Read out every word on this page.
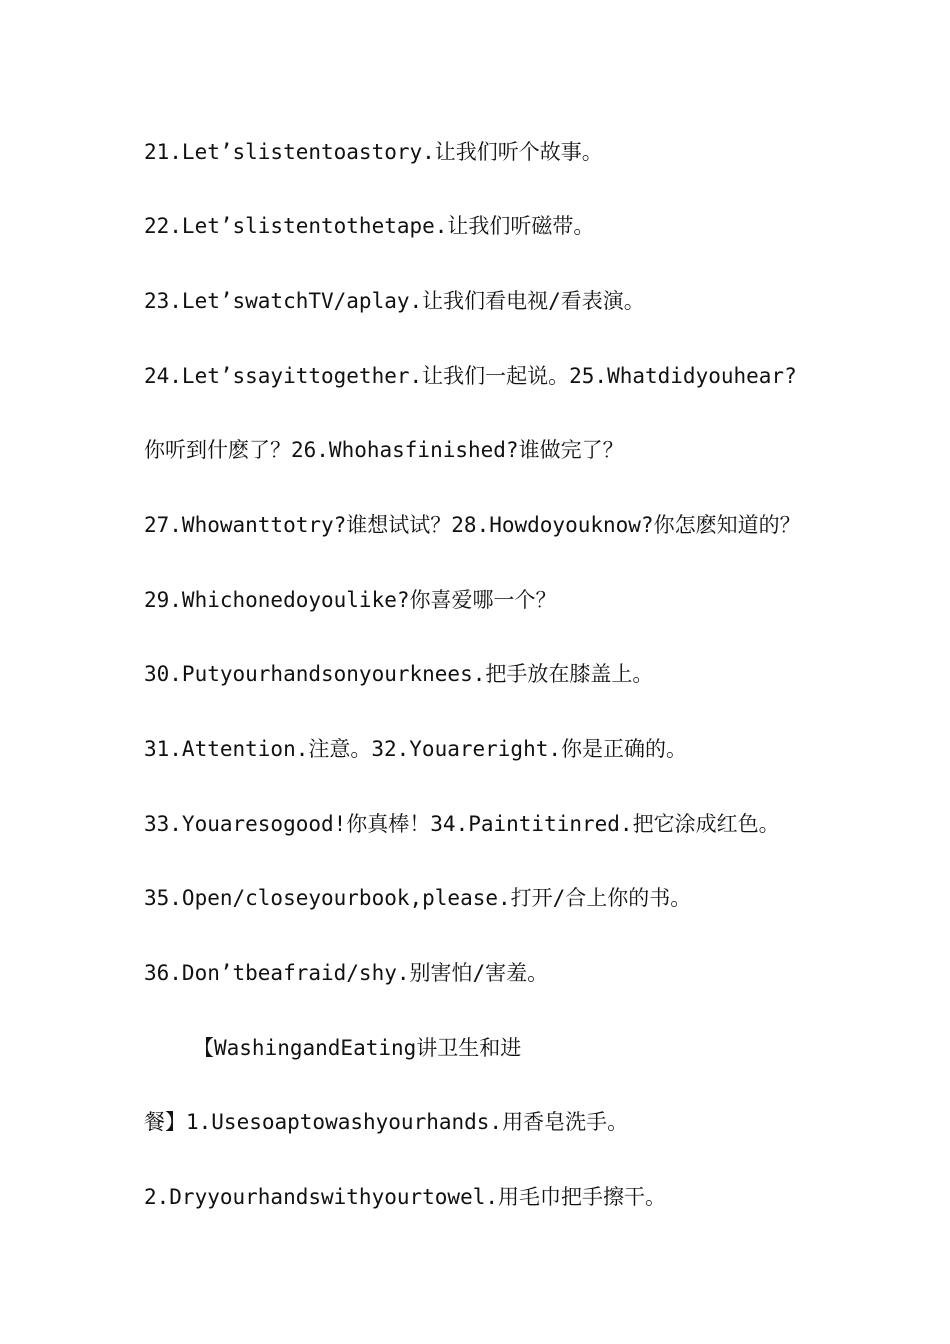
21.Let’slistentoastory.让我们听个故事。
22.Let’slistentothetape.让我们听磁带。
23.Let’swatchTV/aplay.让我们看电视/看表演。
24.Let’ssayittogether.让我们一起说。25.Whatdidyouhear?
你听到什麽了？26.Whohasfinished?谁做完了？
27.Whowanttotry?谁想试试？28.Howdoyouknow?你怎麽知道的？
29.Whichonedoyoulike?你喜爱哪一个？
30.Putyourhandsonyourknees.把手放在膝盖上。
31.Attention.注意。32.Youareright.你是正确的。
33.Youaresogood!你真棒！34.Paintitinred.把它涂成红色。
35.Open/closeyourbook,please.打开/合上你的书。
36.Don’tbeafraid/shy.别害怕/害羞。
【WashingandEating讲卫生和进
餐】1.Usesoaptowashyourhands.用香皂洗手。
2.Dryyourhandswithyourtowel.用毛巾把手擦干。
